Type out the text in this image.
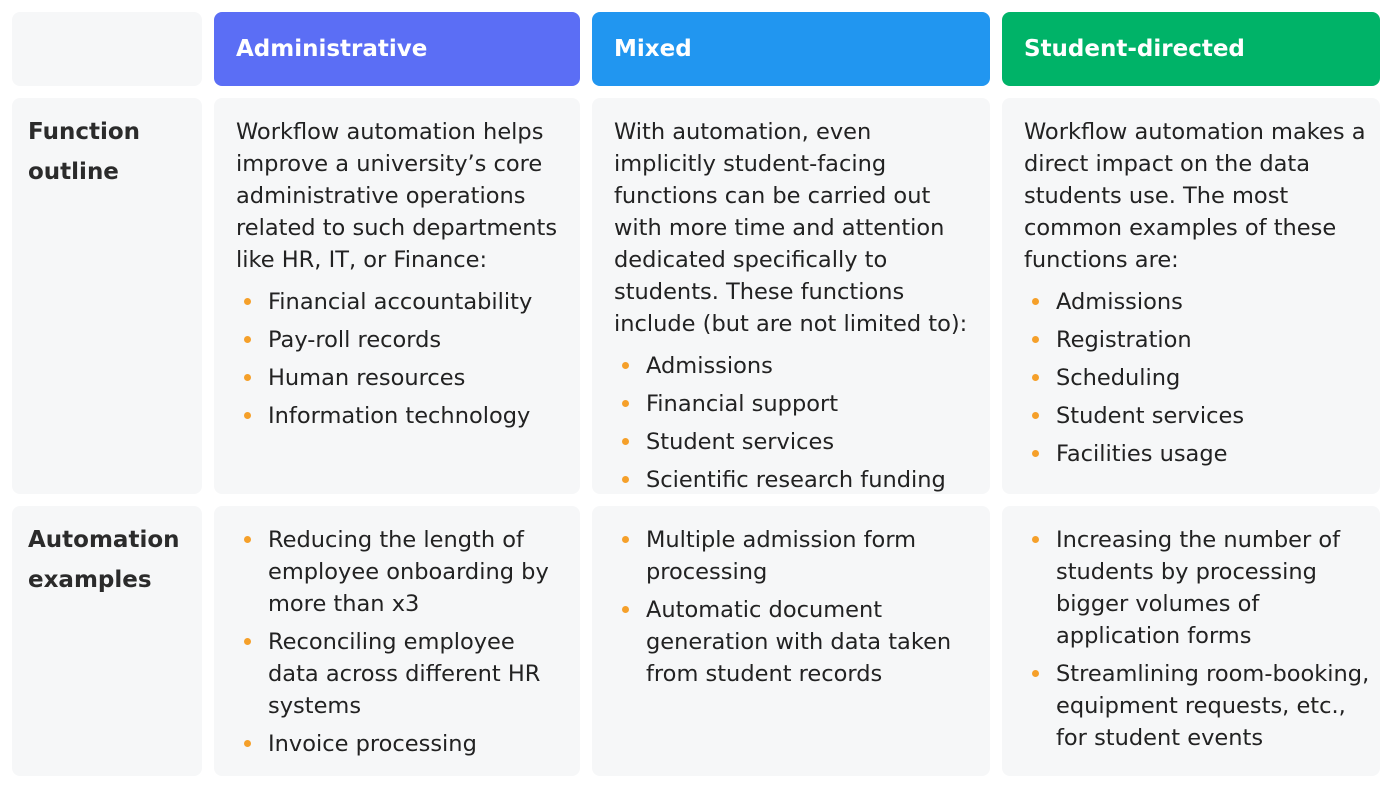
Administrative	Mixed	Student-directed
Function outline

Workflow automation helps improve a university’s core administrative operations related to such departments like HR, IT, or Finance:

Financial accountability
Pay-roll records
Human resources
Information technology

With automation, even implicitly student-facing functions can be carried out with more time and attention dedicated specifically to students. These functions include (but are not limited to):

Admissions
Financial support
Student services
Scientific research funding

Workflow automation makes a direct impact on the data students use. The most common examples of these functions are:

Admissions
Registration
Scheduling
Student services
Facilities usage
Automation examples
Reducing the length of employee onboarding by more than x3
Reconciling employee data across different HR systems
Invoice processing
Multiple admission form processing
Automatic document generation with data taken from student records
Increasing the number of students by processing bigger volumes of application forms
Streamlining room-booking, equipment requests, etc., for student events
